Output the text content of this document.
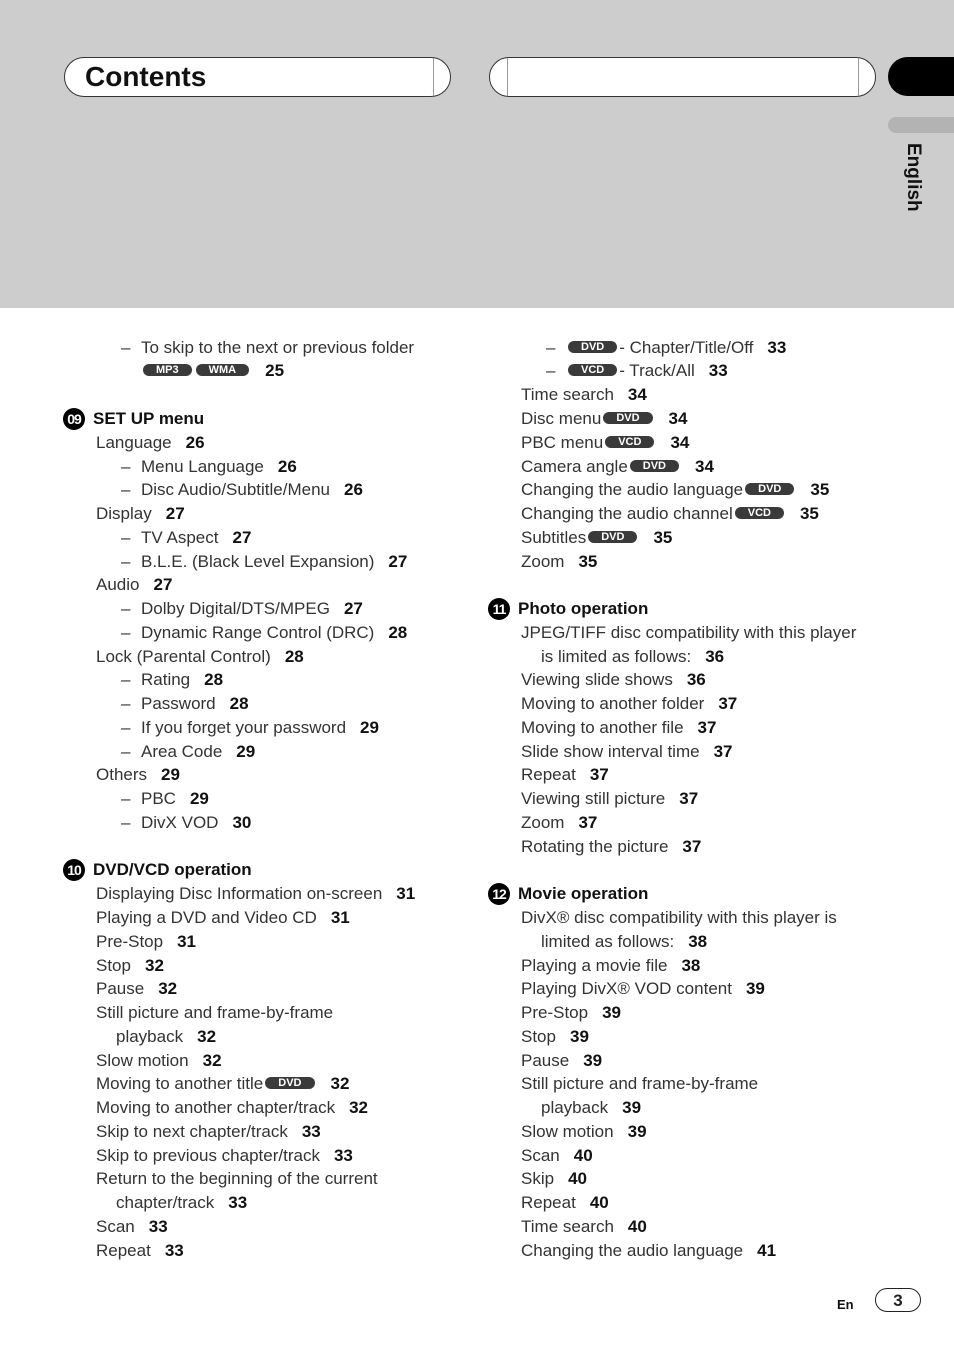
Contents
English
– To skip to the next or previous folder
MP3	WMA 25
09 SET UP menu
Language 26
– Menu Language 26
– Disc Audio/Subtitle/Menu 26
Display 27
– TV Aspect 27
– B.L.E. (Black Level Expansion) 27
Audio 27
– Dolby Digital/DTS/MPEG 27
– Dynamic Range Control (DRC) 28
Lock (Parental Control) 28
– Rating 28
– Password 28
– If you forget your password 29
– Area Code 29
Others 29
– PBC 29
– DivX VOD 30
10 DVD/VCD operation
Displaying Disc Information on-screen 31
Playing a DVD and Video CD 31
Pre-Stop 31
Stop 32
Pause 32
Still picture and frame-by-frame
playback 32
Slow motion 32
Moving to another title DVD 32
Moving to another chapter/track 32
Skip to next chapter/track 33
Skip to previous chapter/track 33
Return to the beginning of the current
chapter/track 33
Scan 33
Repeat 33
– DVD - Chapter/Title/Off 33
– VCD - Track/All 33
Time search 34
Disc menu DVD 34
PBC menu VCD 34
Camera angle DVD 34
Changing the audio language DVD 35
Changing the audio channel VCD 35
Subtitles DVD 35
Zoom 35
11 Photo operation
JPEG/TIFF disc compatibility with this player
is limited as follows: 36
Viewing slide shows 36
Moving to another folder 37
Moving to another file 37
Slide show interval time 37
Repeat 37
Viewing still picture 37
Zoom 37
Rotating the picture 37
12 Movie operation
DivX® disc compatibility with this player is
limited as follows: 38
Playing a movie file 38
Playing DivX® VOD content 39
Pre-Stop 39
Stop 39
Pause 39
Still picture and frame-by-frame
playback 39
Slow motion 39
Scan 40
Skip 40
Repeat 40
Time search 40
Changing the audio language 41
En	3
